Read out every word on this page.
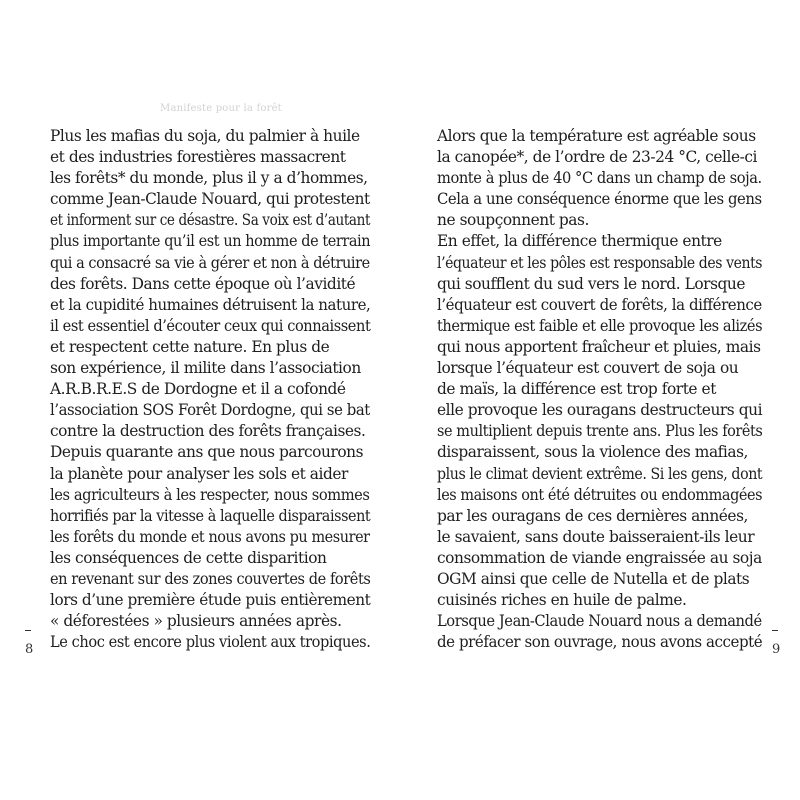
Manifeste pour la forêt
Plus les mafias du soja, du palmier à huile
et des industries forestières massacrent
les forêts* du monde, plus il y a d’hommes,
comme Jean-Claude Nouard, qui protestent
et informent sur ce désastre. Sa voix est d’autant
plus importante qu’il est un homme de terrain
qui a consacré sa vie à gérer et non à détruire
des forêts. Dans cette époque où l’avidité
et la cupidité humaines détruisent la nature,
il est essentiel d’écouter ceux qui connaissent
et respectent cette nature. En plus de
son expérience, il milite dans l’association
A.R.B.R.E.S de Dordogne et il a cofondé
l’association SOS Forêt Dordogne, qui se bat
contre la destruction des forêts françaises.
Depuis quarante ans que nous parcourons
la planète pour analyser les sols et aider
les agriculteurs à les respecter, nous sommes
horrifiés par la vitesse à laquelle disparaissent
les forêts du monde et nous avons pu mesurer
les conséquences de cette disparition
en revenant sur des zones couvertes de forêts
lors d’une première étude puis entièrement
« déforestées » plusieurs années après.
Le choc est encore plus violent aux tropiques.
Alors que la température est agréable sous
la canopée*, de l’ordre de 23-24 °C, celle-ci
monte à plus de 40 °C dans un champ de soja.
Cela a une conséquence énorme que les gens
ne soupçonnent pas.
En effet, la différence thermique entre
l’équateur et les pôles est responsable des vents
qui soufflent du sud vers le nord. Lorsque
l’équateur est couvert de forêts, la différence
thermique est faible et elle provoque les alizés
qui nous apportent fraîcheur et pluies, mais
lorsque l’équateur est couvert de soja ou
de maïs, la différence est trop forte et
elle provoque les ouragans destructeurs qui
se multiplient depuis trente ans. Plus les forêts
disparaissent, sous la violence des mafias,
plus le climat devient extrême. Si les gens, dont
les maisons ont été détruites ou endommagées
par les ouragans de ces dernières années,
le savaient, sans doute baisseraient-ils leur
consommation de viande engraissée au soja
OGM ainsi que celle de Nutella et de plats
cuisinés riches en huile de palme.
Lorsque Jean-Claude Nouard nous a demandé
de préfacer son ouvrage, nous avons accepté
8	9
